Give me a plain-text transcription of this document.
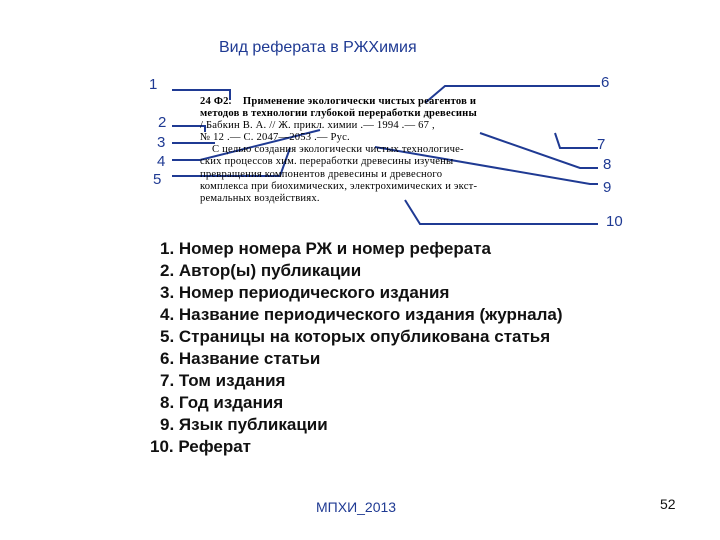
Вид реферата в РЖХимия
1
2
3
4
5
6
7
8
9
10
24 Ф2. Применение экологически чистых реагентов и
методов в технологии глубокой переработки древесины
/ Бабкин В. А. // Ж. прикл. химии .— 1994 .— 67 ,
№ 12 .— С. 2047—2053 .— Рус.
С целью создания экологически чистых технологиче-
ских процессов хим. переработки древесины изучены
превращения компонентов древесины и древесного
комплекса при биохимических, электрохимических и экст-
ремальных воздействиях.
1. Номер номера РЖ и номер реферата
2. Автор(ы) публикации
3. Номер периодического издания
4. Название периодического издания (журнала)
5. Страницы на которых опубликована статья
6. Название статьи
7. Том издания
8. Год издания
9. Язык публикации
10. Реферат
МПХИ_2013	52
